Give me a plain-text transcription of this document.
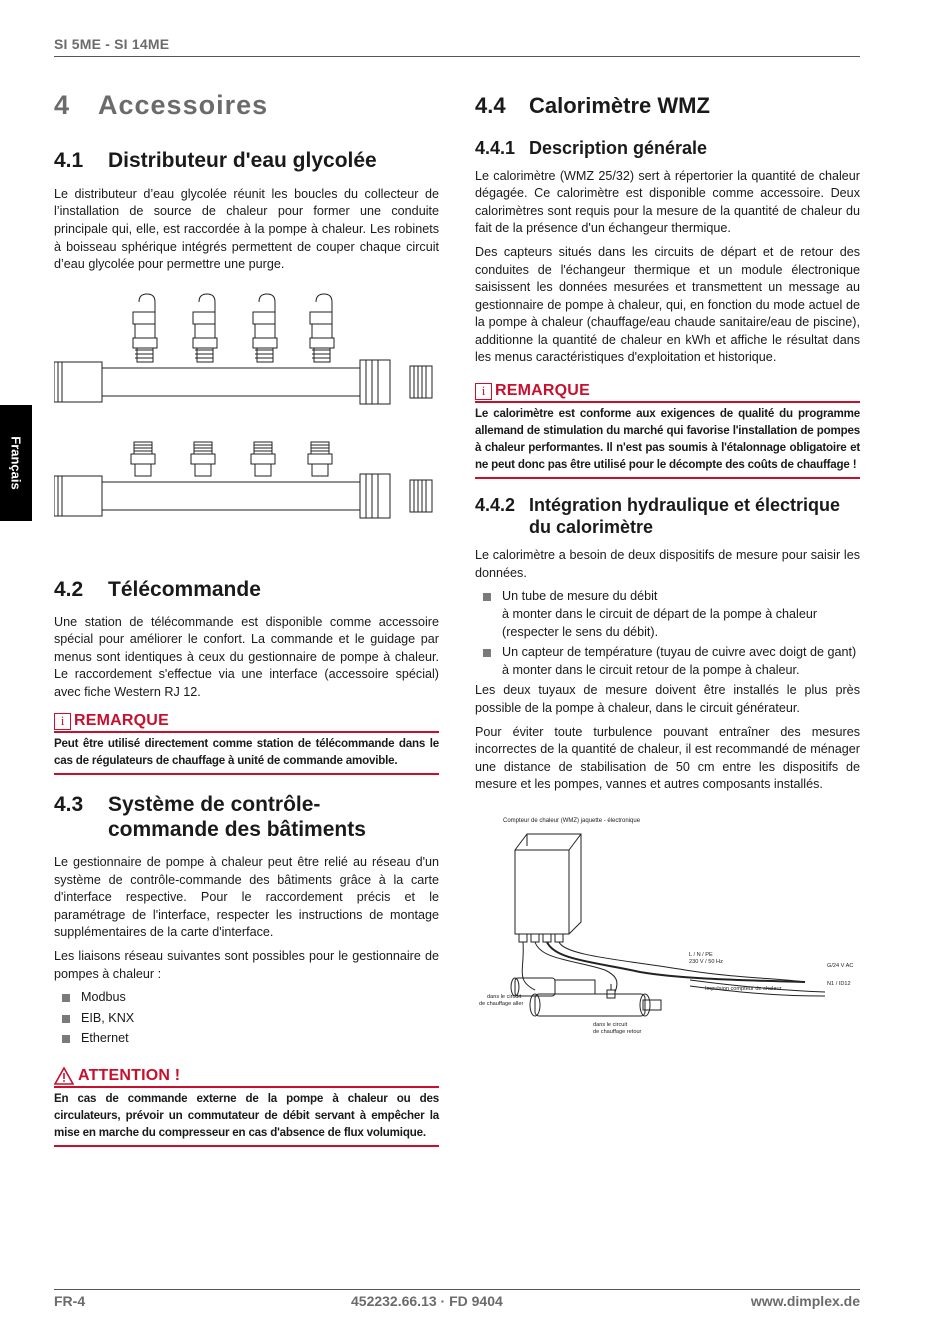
SI 5ME - SI 14ME
Français
4	Accessoires
4.1	Distributeur d'eau glycolée

Le distributeur d’eau glycolée réunit les boucles du collecteur de l’installation de source de chaleur pour former une conduite principale qui, elle, est raccordée à la pompe à chaleur. Les robinets à boisseau sphérique intégrés permettent de couper chaque circuit d’eau glycolée pour permettre une purge.

4.2	Télécommande

Une station de télécommande est disponible comme accessoire spécial pour améliorer le confort. La commande et le guidage par menus sont identiques à ceux du gestionnaire de pompe à chaleur. Le raccordement s'effectue via une interface (accessoire spécial) avec fiche Western RJ 12.

i REMARQUE
Peut être utilisé directement comme station de télécommande dans le cas de régulateurs de chauffage à unité de commande amovible.
4.3	Système de contrôle-
commande des bâtiments

Le gestionnaire de pompe à chaleur peut être relié au réseau d'un système de contrôle-commande des bâtiments grâce à la carte d'interface respective. Pour le raccordement précis et le paramétrage de l'interface, respecter les instructions de montage supplémentaires de la carte d'interface.

Les liaisons réseau suivantes sont possibles pour le gestionnaire de pompes à chaleur :

Modbus
EIB, KNX
Ethernet
ATTENTION !
En cas de commande externe de la pompe à chaleur ou des circulateurs, prévoir un commutateur de débit servant à empêcher la mise en marche du compresseur en cas d'absence de flux volumique.
4.4	Calorimètre WMZ
4.4.1 Description générale

Le calorimètre (WMZ 25/32) sert à répertorier la quantité de chaleur dégagée. Ce calorimètre est disponible comme accessoire. Deux calorimètres sont requis pour la mesure de la quantité de chaleur du fait de la présence d'un échangeur thermique.

Des capteurs situés dans les circuits de départ et de retour des conduites de l'échangeur thermique et un module électronique saisissent les données mesurées et transmettent un message au gestionnaire de pompe à chaleur, qui, en fonction du mode actuel de la pompe à chaleur (chauffage/eau chaude sanitaire/eau de piscine), additionne la quantité de chaleur en kWh et affiche le résultat dans les menus caractéristiques d'exploitation et historique.

i REMARQUE
Le calorimètre est conforme aux exigences de qualité du programme allemand de stimulation du marché qui favorise l'installation de pompes à chaleur performantes. Il n'est pas soumis à l'étalonnage obligatoire et ne peut donc pas être utilisé pour le décompte des coûts de chauffage !
4.4.2 Intégration hydraulique et électrique
du calorimètre

Le calorimètre a besoin de deux dispositifs de mesure pour saisir les données.

Un tube de mesure du débit
à monter dans le circuit de départ de la pompe à chaleur (respecter le sens du débit).
Un capteur de température (tuyau de cuivre avec doigt de gant) à monter dans le circuit retour de la pompe à chaleur.

Les deux tuyaux de mesure doivent être installés le plus près possible de la pompe à chaleur, dans le circuit générateur.

Pour éviter toute turbulence pouvant entraîner des mesures incorrectes de la quantité de chaleur, il est recommandé de ménager une distance de stabilisation de 50 cm entre les dispositifs de mesure et les pompes, vannes et autres composants installés.

Compteur de chaleur (WMZ) jaquette - électronique
L / N / PE
230 V / 50 Hz
G/24 V AC
Impulsion compteur de chaleur
N1 / ID12
dans le circuit
de chauffage aller
dans le circuit
de chauffage retour
FR-4	452232.66.13 · FD 9404	www.dimplex.de
